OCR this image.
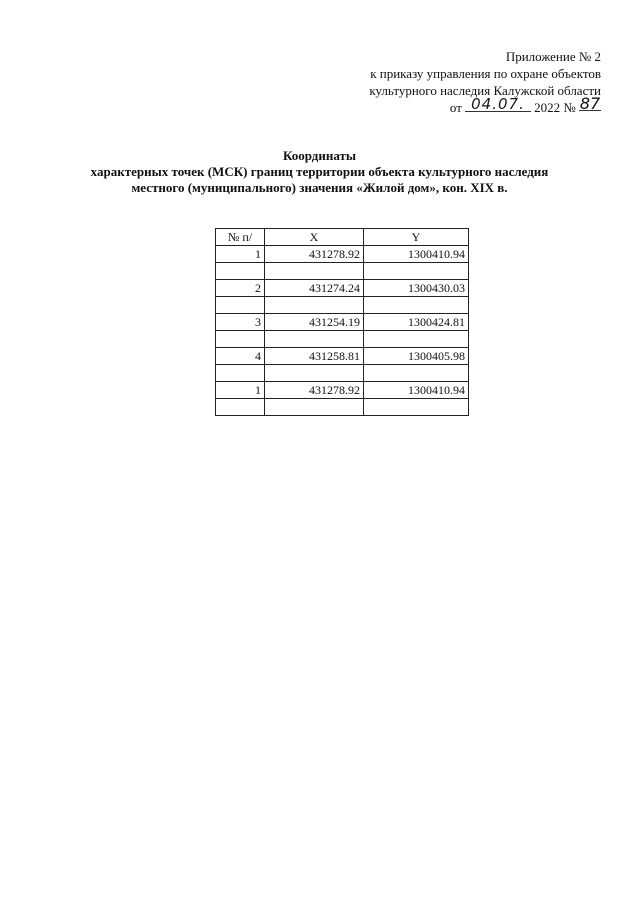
Приложение № 2
к приказу управления по охране объектов
культурного наследия Калужской области
от 04.07. 2022 № 87
Координаты
характерных точек (МСК) границ территории объекта культурного наследия
местного (муниципального) значения «Жилой дом», кон. XIX в.
№ п/	X	Y
1	431278.92	1300410.94

2	431274.24	1300430.03

3	431254.19	1300424.81

4	431258.81	1300405.98

1	431278.92	1300410.94
